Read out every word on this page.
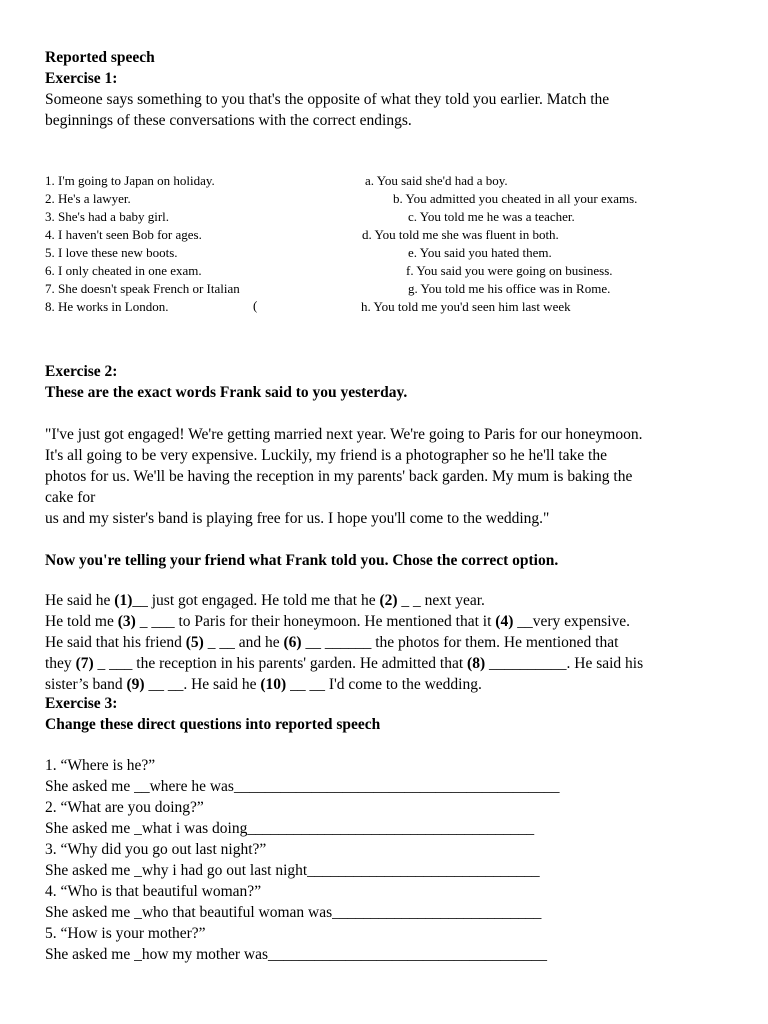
Reported speech
Exercise 1:
Someone says something to you that's the opposite of what they told you earlier. Match the
beginnings of these conversations with the correct endings.
1. I'm going to Japan on holiday.
2. He's a lawyer.
3. She's had a baby girl.
4. I haven't seen Bob for ages.
5. I love these new boots.
6. I only cheated in one exam.
7. She doesn't speak French or Italian
8. He works in London.
a. You said she'd had a boy.
b. You admitted you cheated in all your exams.
c. You told me he was a teacher.
d. You told me she was fluent in both.
e. You said you hated them.
f. You said you were going on business.
g. You told me his office was in Rome.
h. You told me you'd seen him last week
(
Exercise 2:
These are the exact words Frank said to you yesterday.
"I've just got engaged! We're getting married next year. We're going to Paris for our honeymoon.
It's all going to be very expensive. Luckily, my friend is a photographer so he he'll take the
photos for us. We'll be having the reception in my parents' back garden. My mum is baking the
cake for
us and my sister's band is playing free for us. I hope you'll come to the wedding."
Now you're telling your friend what Frank told you. Chose the correct option.
He said he (1)__ just got engaged. He told me that he (2) _ _ next year.
He told me (3) _ ___ to Paris for their honeymoon. He mentioned that it (4) __very expensive.
He said that his friend (5) _ __ and he (6) __ ______ the photos for them. He mentioned that
they (7) _ ___ the reception in his parents' garden. He admitted that (8) __________. He said his
sister’s band (9) __ __. He said he (10) __ __ I'd come to the wedding.
Exercise 3:
Change these direct questions into reported speech
1. “Where is he?”
She asked me __where he was__________________________________________
2. “What are you doing?”
She asked me _what i was doing_____________________________________
3. “Why did you go out last night?”
She asked me _why i had go out last night______________________________
4. “Who is that beautiful woman?”
She asked me _who that beautiful woman was___________________________
5. “How is your mother?”
She asked me _how my mother was____________________________________
